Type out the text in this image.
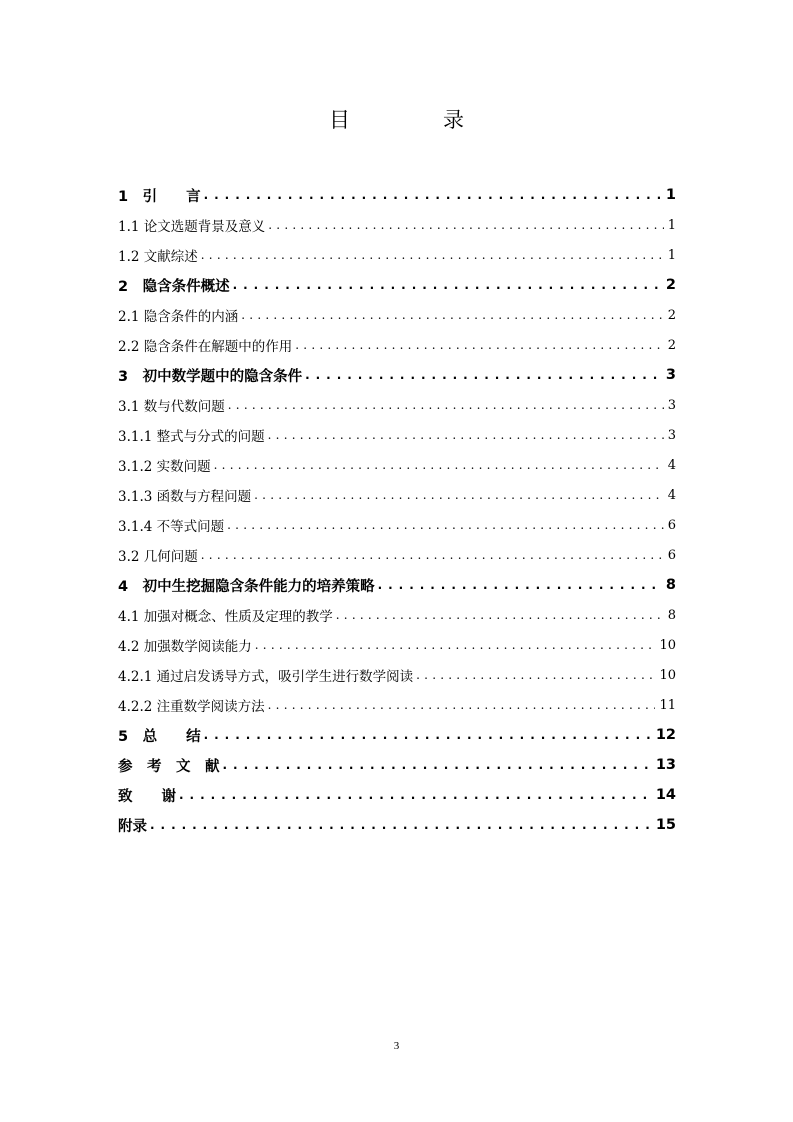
目　录
1　引　　言 . . .	1
1.1 论文选题背景及意义 . . .	1
1.2 文献综述 . . .	1
2　隐含条件概述 . . .	2
2.1 隐含条件的内涵 . . .	2
2.2 隐含条件在解题中的作用 . . .	2
3　初中数学题中的隐含条件 . . .	3
3.1 数与代数问题 . . .	3
3.1.1 整式与分式的问题 . . .	3
3.1.2 实数问题 . . .	4
3.1.3 函数与方程问题 . . .	4
3.1.4 不等式问题 . . .	6
3.2 几何问题 . . .	6
4　初中生挖掘隐含条件能力的培养策略 . . .	8
4.1 加强对概念、性质及定理的教学 . . .	8
4.2 加强数学阅读能力 . . .	10
4.2.1 通过启发诱导方式，吸引学生进行数学阅读 . . .	10
4.2.2 注重数学阅读方法 . . .	11
5　总　　结 . . .	12
参　考　文　献 . . .	13
致　　谢 . . .	14
附录 . . .	15
3
